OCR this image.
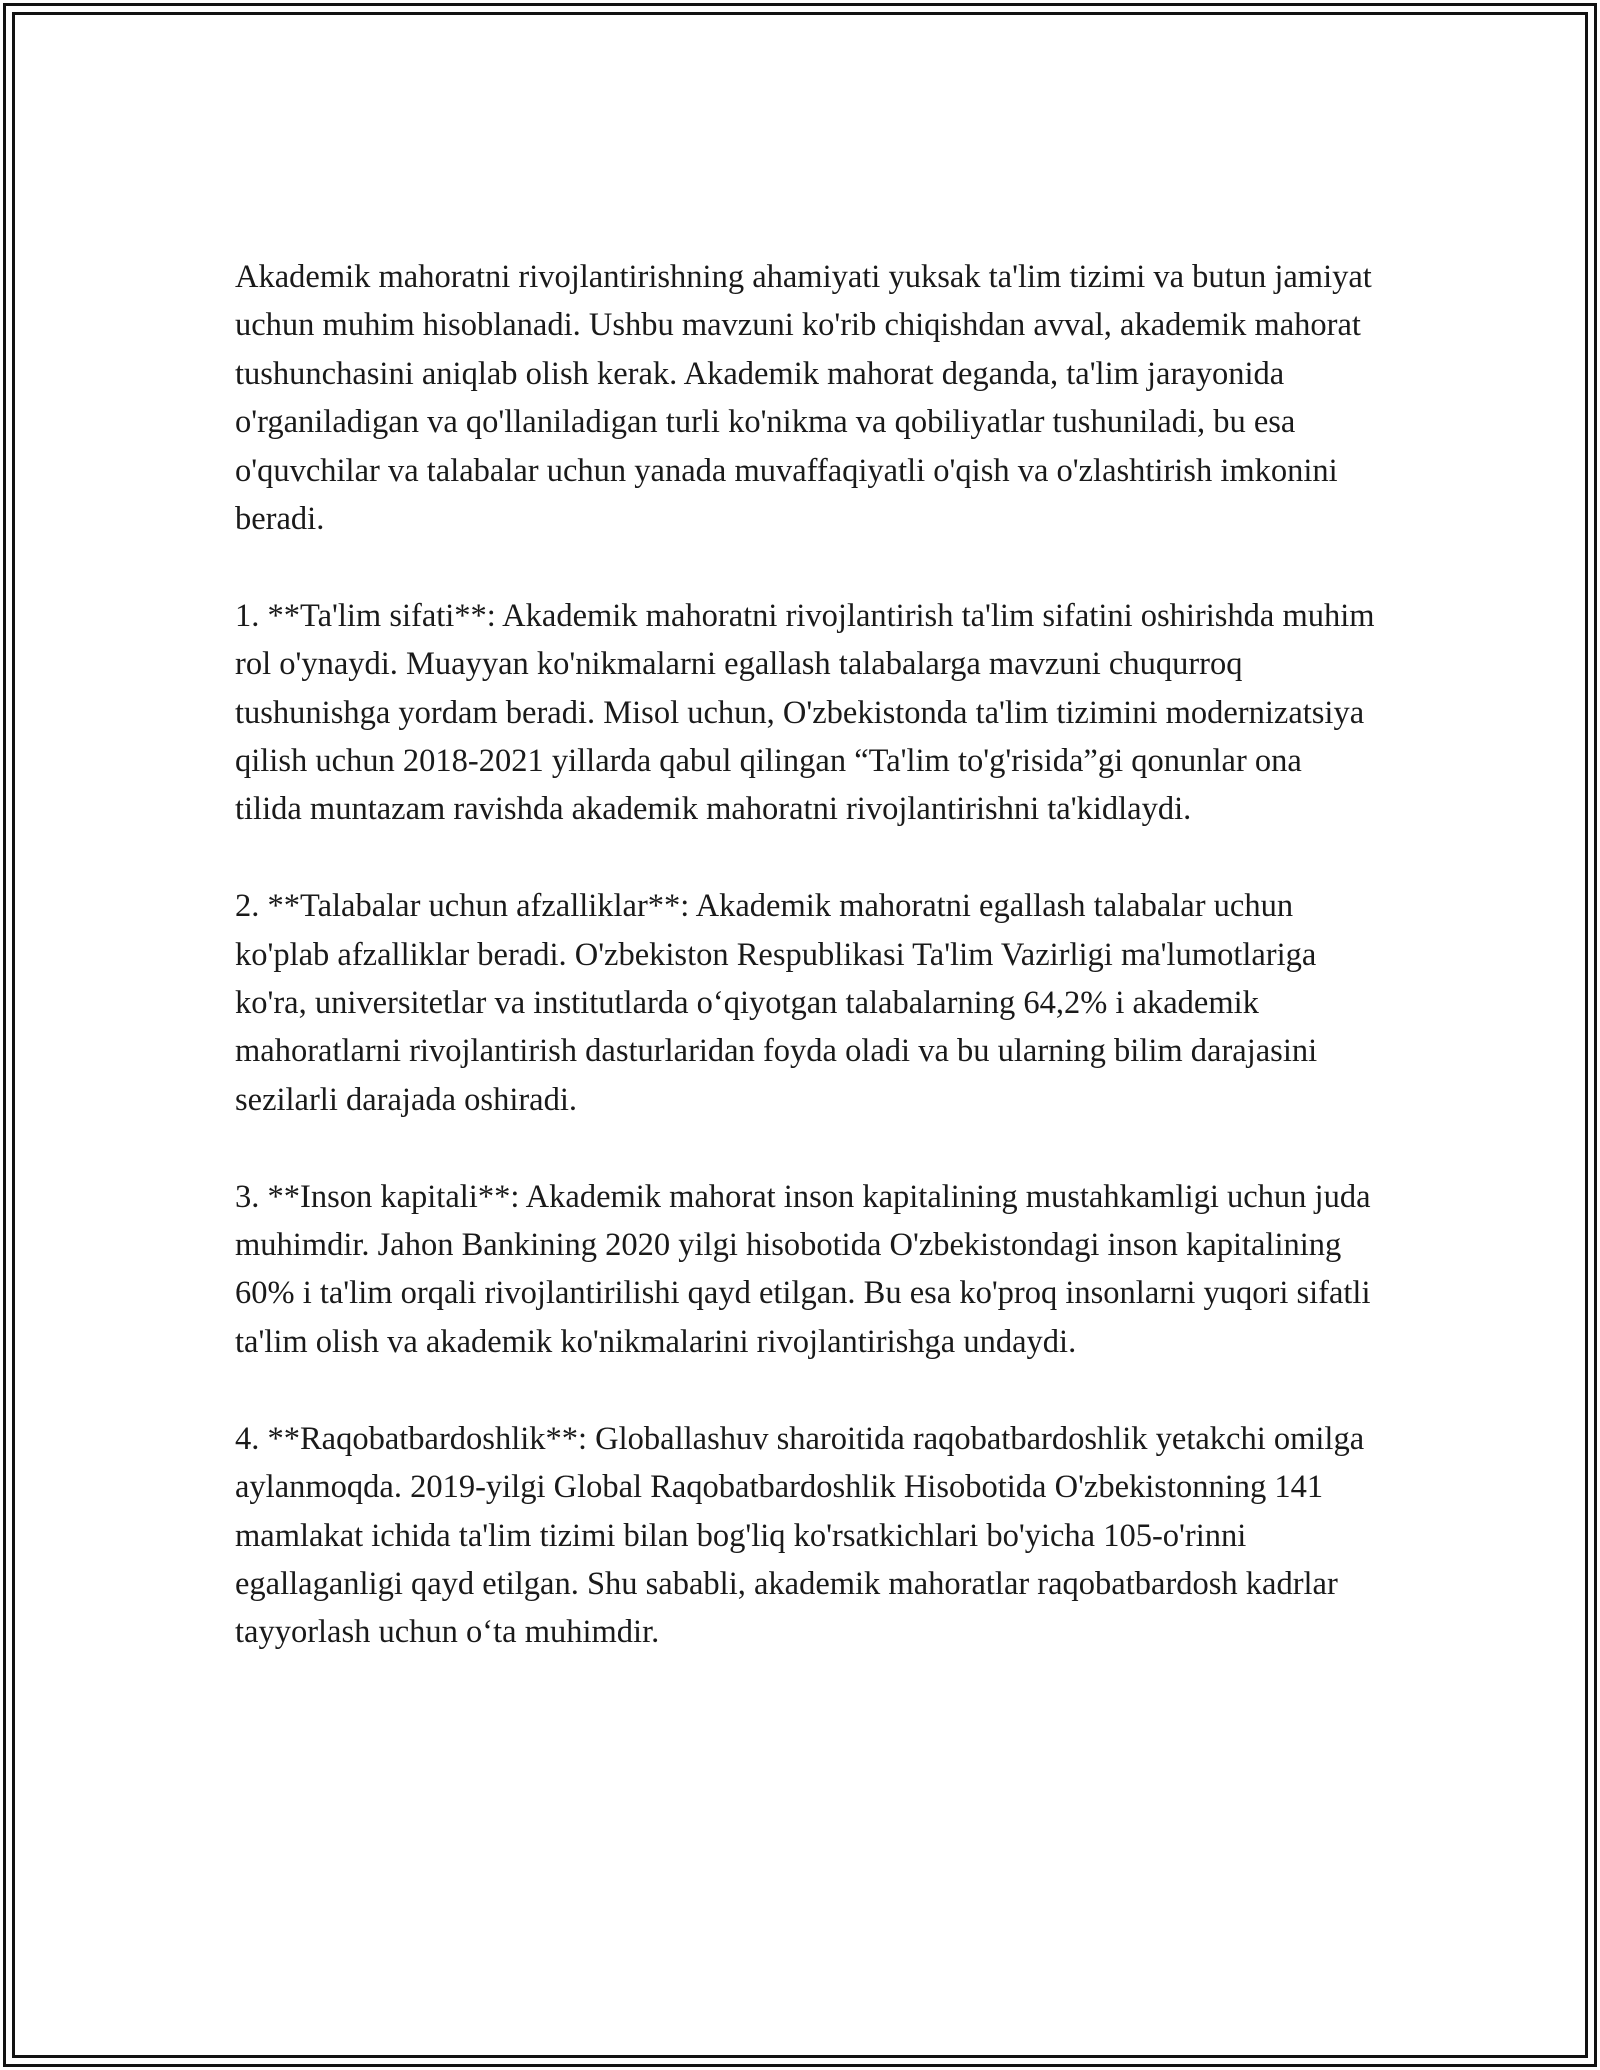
Akademik mahoratni rivojlantirishning ahamiyati yuksak ta'lim tizimi va butun jamiyat uchun muhim hisoblanadi. Ushbu mavzuni ko'rib chiqishdan avval, akademik mahorat tushunchasini aniqlab olish kerak. Akademik mahorat deganda, ta'lim jarayonida o'rganiladigan va qo'llaniladigan turli ko'nikma va qobiliyatlar tushuniladi, bu esa o'quvchilar va talabalar uchun yanada muvaffaqiyatli o'qish va o'zlashtirish imkonini beradi.

1. **Ta'lim sifati**: Akademik mahoratni rivojlantirish ta'lim sifatini oshirishda muhim rol o'ynaydi. Muayyan ko'nikmalarni egallash talabalarga mavzuni chuqurroq tushunishga yordam beradi. Misol uchun, O'zbekistonda ta'lim tizimini modernizatsiya qilish uchun 2018-2021 yillarda qabul qilingan “Ta'lim to'g'risida”gi qonunlar ona tilida muntazam ravishda akademik mahoratni rivojlantirishni ta'kidlaydi.

2. **Talabalar uchun afzalliklar**: Akademik mahoratni egallash talabalar uchun ko'plab afzalliklar beradi. O'zbekiston Respublikasi Ta'lim Vazirligi ma'lumotlariga ko'ra, universitetlar va institutlarda o‘qiyotgan talabalarning 64,2% i akademik mahoratlarni rivojlantirish dasturlaridan foyda oladi va bu ularning bilim darajasini sezilarli darajada oshiradi.

3. **Inson kapitali**: Akademik mahorat inson kapitalining mustahkamligi uchun juda muhimdir. Jahon Bankining 2020 yilgi hisobotida O'zbekistondagi inson kapitalining 60% i ta'lim orqali rivojlantirilishi qayd etilgan. Bu esa ko'proq insonlarni yuqori sifatli ta'lim olish va akademik ko'nikmalarini rivojlantirishga undaydi.

4. **Raqobatbardoshlik**: Globallashuv sharoitida raqobatbardoshlik yetakchi omilga aylanmoqda. 2019-yilgi Global Raqobatbardoshlik Hisobotida O'zbekistonning 141 mamlakat ichida ta'lim tizimi bilan bog'liq ko'rsatkichlari bo'yicha 105-o'rinni egallaganligi qayd etilgan. Shu sababli, akademik mahoratlar raqobatbardosh kadrlar tayyorlash uchun o‘ta muhimdir.
